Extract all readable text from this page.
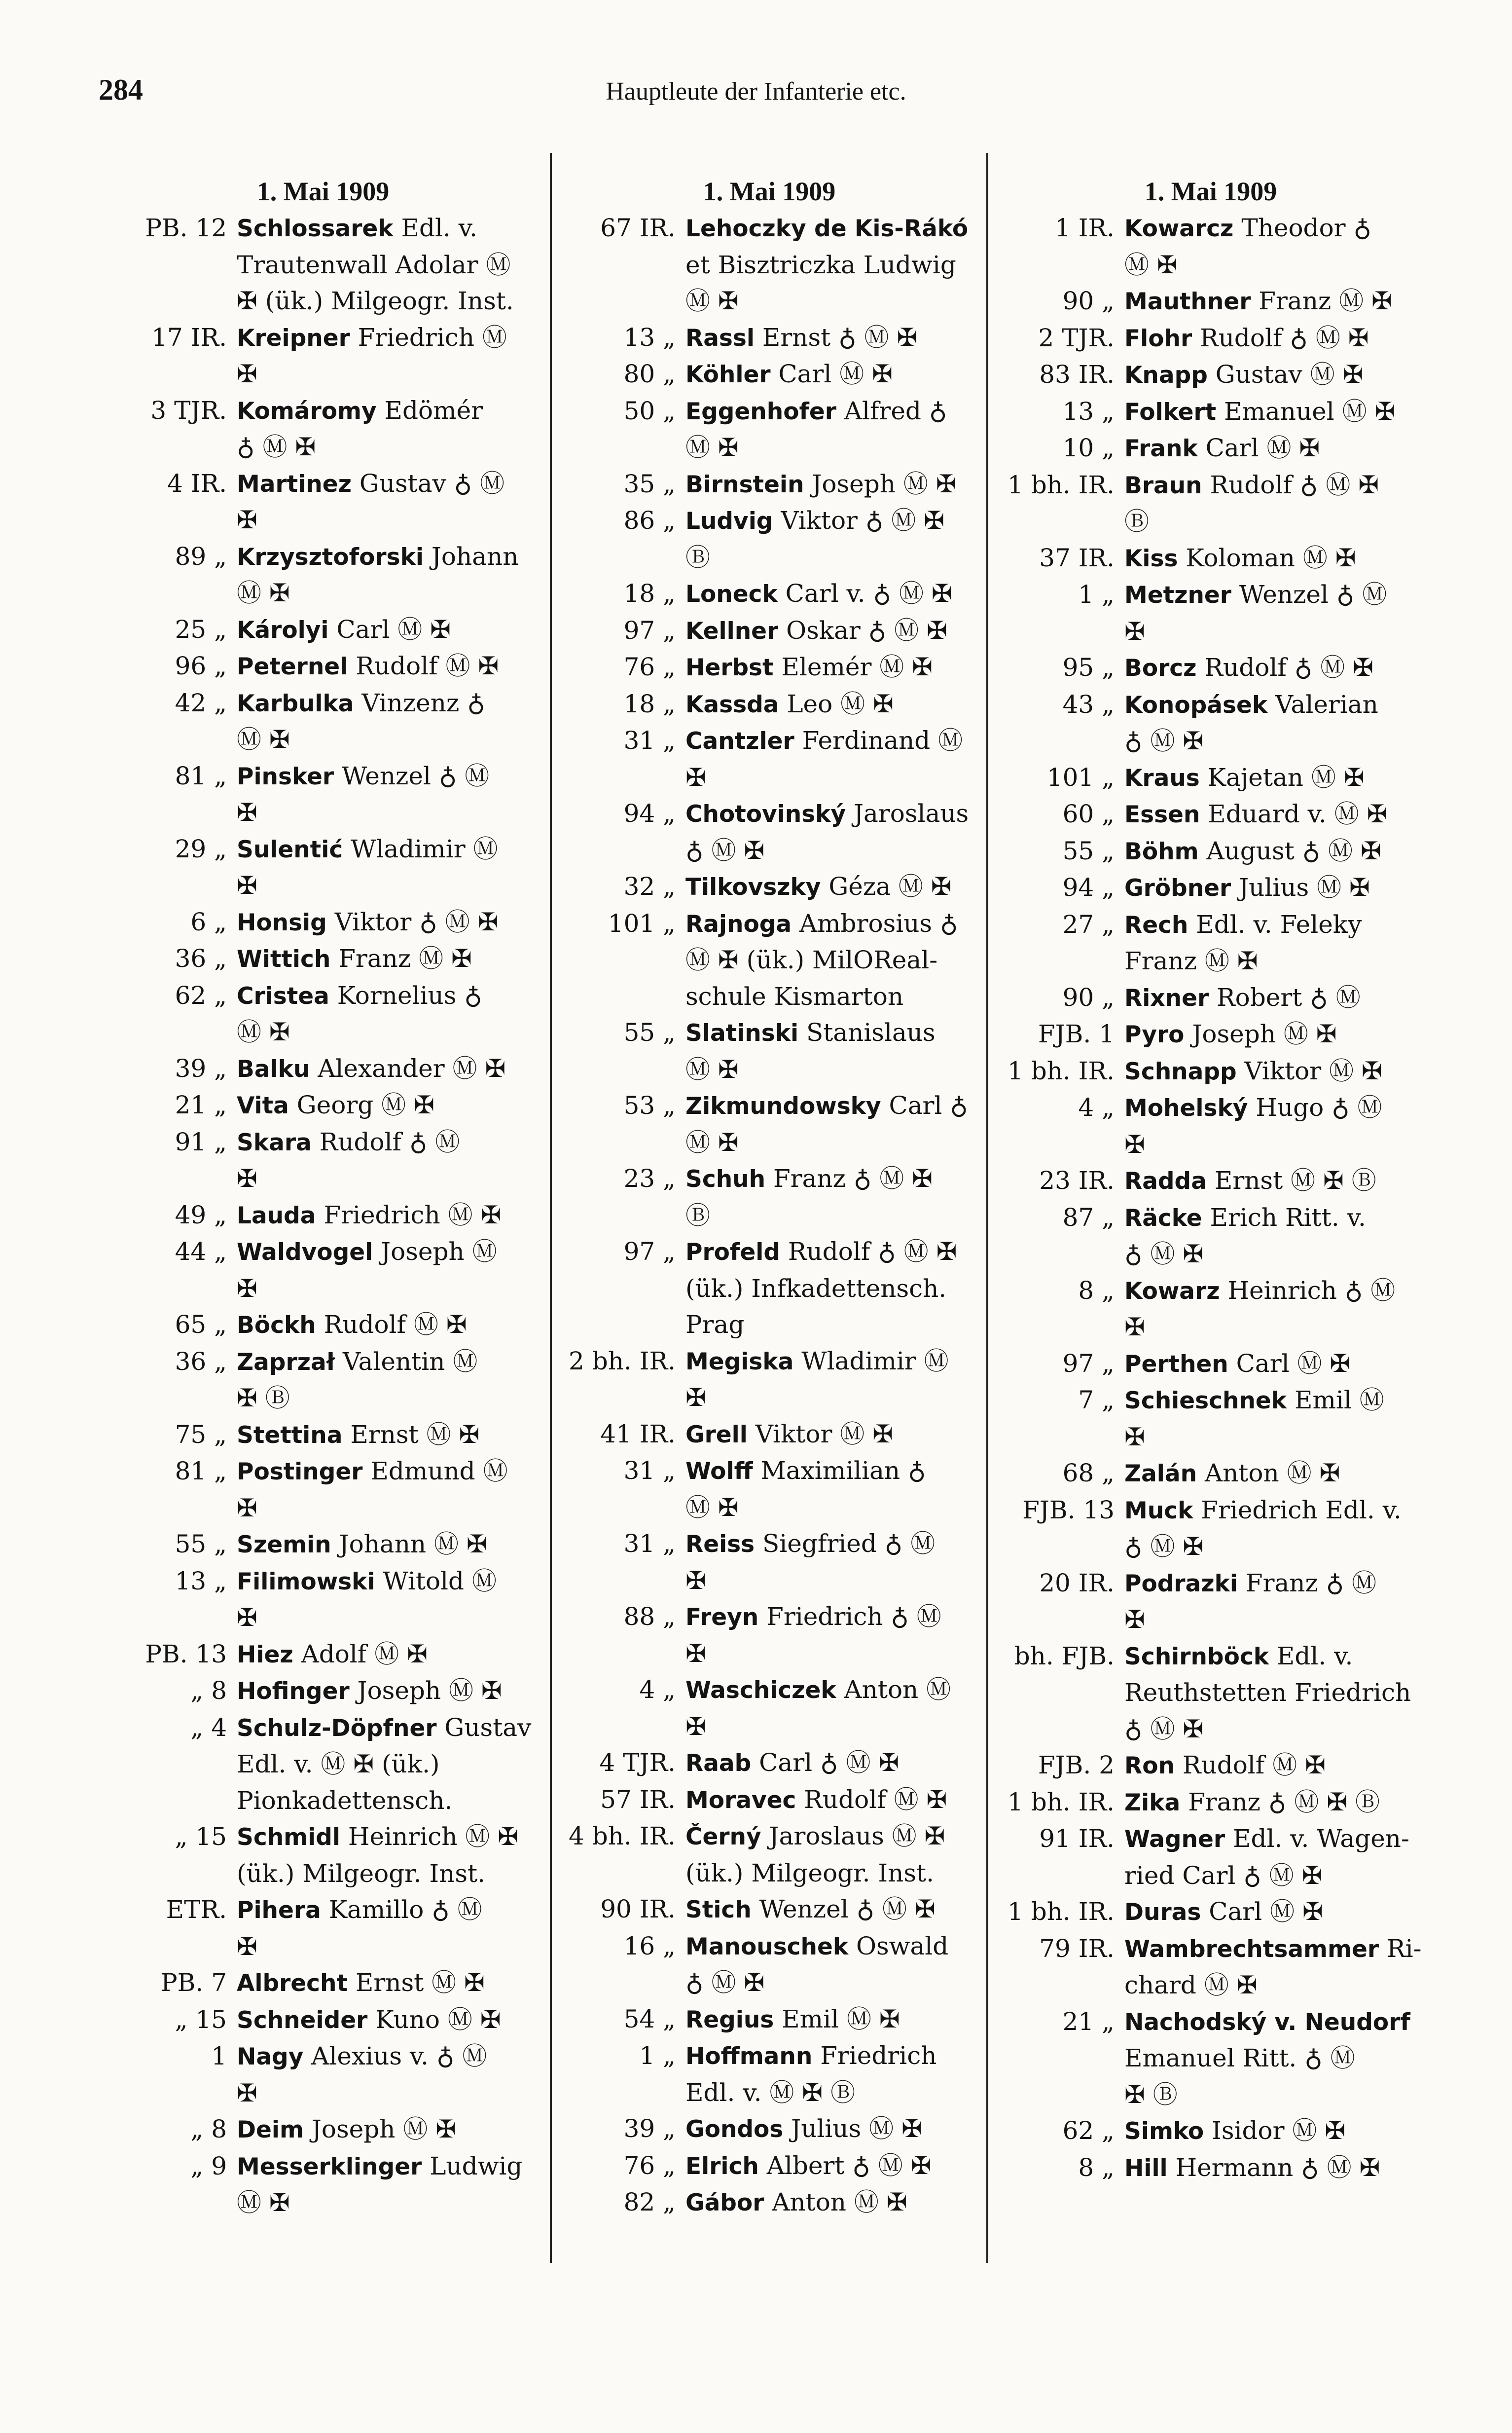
284	Hauptleute der Infanterie etc.
1. Mai 1909
PB. 12 Schlossarek Edl. v.
Trautenwall Adolar Ⓜ
✠ (ük.) Milgeogr. Inst.
17 IR. Kreipner Friedrich Ⓜ
✠
3 TJR. Komáromy Edömér
♁ Ⓜ ✠
4 IR. Martinez Gustav ♁ Ⓜ
✠
89 „ Krzysztoforski Johann
Ⓜ ✠
25 „ Károlyi Carl Ⓜ ✠
96 „ Peternel Rudolf Ⓜ ✠
42 „ Karbulka Vinzenz ♁
Ⓜ ✠
81 „ Pinsker Wenzel ♁ Ⓜ
✠
29 „ Sulentić Wladimir Ⓜ
✠
6 „ Honsig Viktor ♁ Ⓜ ✠
36 „ Wittich Franz Ⓜ ✠
62 „ Cristea Kornelius ♁
Ⓜ ✠
39 „ Balku Alexander Ⓜ ✠
21 „ Vita Georg Ⓜ ✠
91 „ Skara Rudolf ♁ Ⓜ
✠
49 „ Lauda Friedrich Ⓜ ✠
44 „ Waldvogel Joseph Ⓜ
✠
65 „ Böckh Rudolf Ⓜ ✠
36 „ Zaprzał Valentin Ⓜ
✠ Ⓑ
75 „ Stettina Ernst Ⓜ ✠
81 „ Postinger Edmund Ⓜ
✠
55 „ Szemin Johann Ⓜ ✠
13 „ Filimowski Witold Ⓜ
✠
PB. 13 Hiez Adolf Ⓜ ✠
„ 8 Hofinger Joseph Ⓜ ✠
„ 4 Schulz-Döpfner Gustav
Edl. v. Ⓜ ✠ (ük.)
Pionkadettensch.
„ 15 Schmidl Heinrich Ⓜ ✠
(ük.) Milgeogr. Inst.
ETR. Pihera Kamillo ♁ Ⓜ
✠
PB. 7 Albrecht Ernst Ⓜ ✠
„ 15 Schneider Kuno Ⓜ ✠
1 Nagy Alexius v. ♁ Ⓜ
✠
„ 8 Deim Joseph Ⓜ ✠
„ 9 Messerklinger Ludwig
Ⓜ ✠
1. Mai 1909
67 IR. Lehoczky de Kis-Rákó
et Bisztriczka Ludwig
Ⓜ ✠
13 „ Rassl Ernst ♁ Ⓜ ✠
80 „ Köhler Carl Ⓜ ✠
50 „ Eggenhofer Alfred ♁
Ⓜ ✠
35 „ Birnstein Joseph Ⓜ ✠
86 „ Ludvig Viktor ♁ Ⓜ ✠
Ⓑ
18 „ Loneck Carl v. ♁ Ⓜ ✠
97 „ Kellner Oskar ♁ Ⓜ ✠
76 „ Herbst Elemér Ⓜ ✠
18 „ Kassda Leo Ⓜ ✠
31 „ Cantzler Ferdinand Ⓜ
✠
94 „ Chotovinský Jaroslaus
♁ Ⓜ ✠
32 „ Tilkovszky Géza Ⓜ ✠
101 „ Rajnoga Ambrosius ♁
Ⓜ ✠ (ük.) MilOReal-
schule Kismarton
55 „ Slatinski Stanislaus
Ⓜ ✠
53 „ Zikmundowsky Carl ♁
Ⓜ ✠
23 „ Schuh Franz ♁ Ⓜ ✠
Ⓑ
97 „ Profeld Rudolf ♁ Ⓜ ✠
(ük.) Infkadettensch.
Prag
2 bh. IR. Megiska Wladimir Ⓜ
✠
41 IR. Grell Viktor Ⓜ ✠
31 „ Wolff Maximilian ♁
Ⓜ ✠
31 „ Reiss Siegfried ♁ Ⓜ
✠
88 „ Freyn Friedrich ♁ Ⓜ
✠
4 „ Waschiczek Anton Ⓜ
✠
4 TJR. Raab Carl ♁ Ⓜ ✠
57 IR. Moravec Rudolf Ⓜ ✠
4 bh. IR. Černý Jaroslaus Ⓜ ✠
(ük.) Milgeogr. Inst.
90 IR. Stich Wenzel ♁ Ⓜ ✠
16 „ Manouschek Oswald
♁ Ⓜ ✠
54 „ Regius Emil Ⓜ ✠
1 „ Hoffmann Friedrich
Edl. v. Ⓜ ✠ Ⓑ
39 „ Gondos Julius Ⓜ ✠
76 „ Elrich Albert ♁ Ⓜ ✠
82 „ Gábor Anton Ⓜ ✠
1. Mai 1909
1 IR. Kowarcz Theodor ♁
Ⓜ ✠
90 „ Mauthner Franz Ⓜ ✠
2 TJR. Flohr Rudolf ♁ Ⓜ ✠
83 IR. Knapp Gustav Ⓜ ✠
13 „ Folkert Emanuel Ⓜ ✠
10 „ Frank Carl Ⓜ ✠
1 bh. IR. Braun Rudolf ♁ Ⓜ ✠
Ⓑ
37 IR. Kiss Koloman Ⓜ ✠
1 „ Metzner Wenzel ♁ Ⓜ
✠
95 „ Borcz Rudolf ♁ Ⓜ ✠
43 „ Konopásek Valerian
♁ Ⓜ ✠
101 „ Kraus Kajetan Ⓜ ✠
60 „ Essen Eduard v. Ⓜ ✠
55 „ Böhm August ♁ Ⓜ ✠
94 „ Gröbner Julius Ⓜ ✠
27 „ Rech Edl. v. Feleky
Franz Ⓜ ✠
90 „ Rixner Robert ♁ Ⓜ

FJB. 1 Pyro Joseph Ⓜ ✠
1 bh. IR. Schnapp Viktor Ⓜ ✠
4 „ Mohelský Hugo ♁ Ⓜ
✠
23 IR. Radda Ernst Ⓜ ✠ Ⓑ
87 „ Räcke Erich Ritt. v.
♁ Ⓜ ✠
8 „ Kowarz Heinrich ♁ Ⓜ
✠
97 „ Perthen Carl Ⓜ ✠
7 „ Schieschnek Emil Ⓜ
✠
68 „ Zalán Anton Ⓜ ✠
FJB. 13 Muck Friedrich Edl. v.
♁ Ⓜ ✠
20 IR. Podrazki Franz ♁ Ⓜ
✠
bh. FJB. Schirnböck Edl. v.
Reuthstetten Friedrich
♁ Ⓜ ✠
FJB. 2 Ron Rudolf Ⓜ ✠
1 bh. IR. Zika Franz ♁ Ⓜ ✠ Ⓑ
91 IR. Wagner Edl. v. Wagen-
ried Carl ♁ Ⓜ ✠
1 bh. IR. Duras Carl Ⓜ ✠
79 IR. Wambrechtsammer Ri-
chard Ⓜ ✠
21 „ Nachodský v. Neudorf
Emanuel Ritt. ♁ Ⓜ
✠ Ⓑ
62 „ Simko Isidor Ⓜ ✠
8 „ Hill Hermann ♁ Ⓜ ✠
